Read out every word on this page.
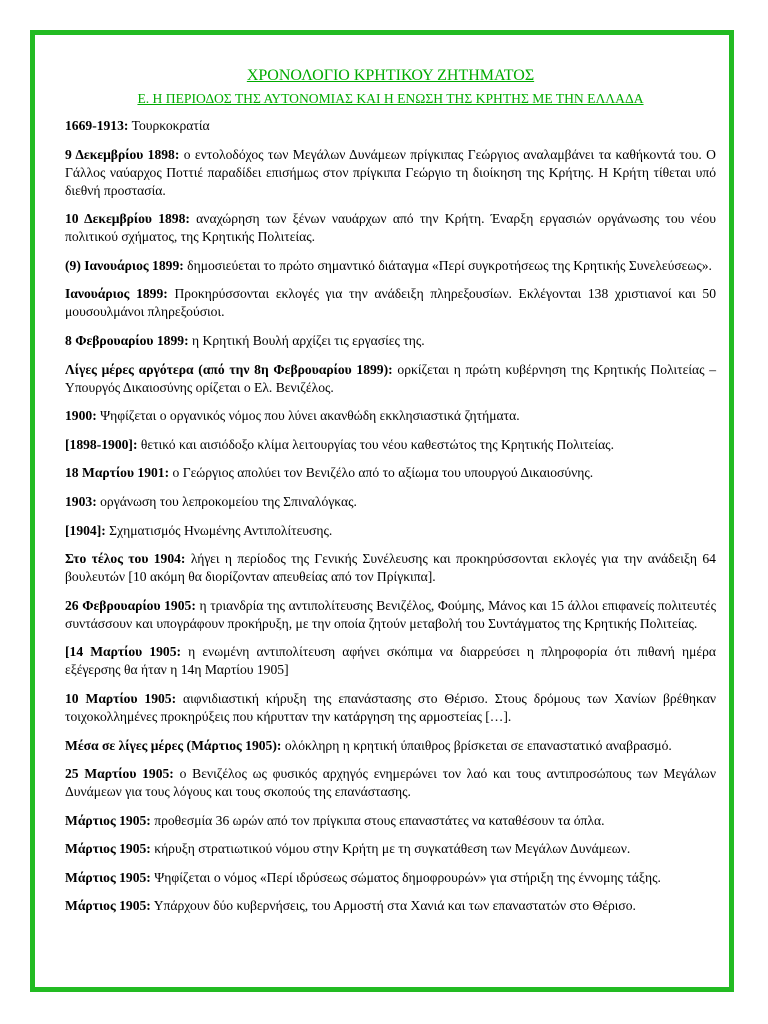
ΧΡΟΝΟΛΟΓΙΟ ΚΡΗΤΙΚΟΥ ΖΗΤΗΜΑΤΟΣ
Ε. Η ΠΕΡΙΟΔΟΣ ΤΗΣ ΑΥΤΟΝΟΜΙΑΣ ΚΑΙ Η ΕΝΩΣΗ ΤΗΣ ΚΡΗΤΗΣ ΜΕ ΤΗΝ ΕΛΛΑΔΑ
1669-1913: Τουρκοκρατία
9 Δεκεμβρίου 1898: ο εντολοδόχος των Μεγάλων Δυνάμεων πρίγκιπας Γεώργιος αναλαμβάνει τα καθήκοντά του. Ο Γάλλος ναύαρχος Ποττιέ παραδίδει επισήμως στον πρίγκιπα Γεώργιο τη διοίκηση της Κρήτης. Η Κρήτη τίθεται υπό διεθνή προστασία.
10 Δεκεμβρίου 1898: αναχώρηση των ξένων ναυάρχων από την Κρήτη. Έναρξη εργασιών οργάνωσης του νέου πολιτικού σχήματος, της Κρητικής Πολιτείας.
(9) Ιανουάριος 1899: δημοσιεύεται το πρώτο σημαντικό διάταγμα «Περί συγκροτήσεως της Κρητικής Συνελεύσεως».
Ιανουάριος 1899: Προκηρύσσονται εκλογές για την ανάδειξη πληρεξουσίων. Εκλέγονται 138 χριστιανοί και 50 μουσουλμάνοι πληρεξούσιοι.
8 Φεβρουαρίου 1899: η Κρητική Βουλή αρχίζει τις εργασίες της.
Λίγες μέρες αργότερα (από την 8η Φεβρουαρίου 1899): ορκίζεται η πρώτη κυβέρνηση της Κρητικής Πολιτείας – Υπουργός Δικαιοσύνης ορίζεται ο Ελ. Βενιζέλος.
1900: Ψηφίζεται ο οργανικός νόμος που λύνει ακανθώδη εκκλησιαστικά ζητήματα.
[1898-1900]: θετικό και αισιόδοξο κλίμα λειτουργίας του νέου καθεστώτος της Κρητικής Πολιτείας.
18 Μαρτίου 1901: ο Γεώργιος απολύει τον Βενιζέλο από το αξίωμα του υπουργού Δικαιοσύνης.
1903: οργάνωση του λεπροκομείου της Σπιναλόγκας.
[1904]: Σχηματισμός Ηνωμένης Αντιπολίτευσης.
Στο τέλος του 1904: λήγει η περίοδος της Γενικής Συνέλευσης και προκηρύσσονται εκλογές για την ανάδειξη 64 βουλευτών [10 ακόμη θα διορίζονταν απευθείας από τον Πρίγκιπα].
26 Φεβρουαρίου 1905: η τριανδρία της αντιπολίτευσης Βενιζέλος, Φούμης, Μάνος και 15 άλλοι επιφανείς πολιτευτές συντάσσουν και υπογράφουν προκήρυξη, με την οποία ζητούν μεταβολή του Συντάγματος της Κρητικής Πολιτείας.
[14 Μαρτίου 1905: η ενωμένη αντιπολίτευση αφήνει σκόπιμα να διαρρεύσει η πληροφορία ότι πιθανή ημέρα εξέγερσης θα ήταν η 14η Μαρτίου 1905]
10 Μαρτίου 1905: αιφνιδιαστική κήρυξη της επανάστασης στο Θέρισο. Στους δρόμους των Χανίων βρέθηκαν τοιχοκολλημένες προκηρύξεις που κήρυτταν την κατάργηση της αρμοστείας […].
Μέσα σε λίγες μέρες (Μάρτιος 1905): ολόκληρη η κρητική ύπαιθρος βρίσκεται σε επαναστατικό αναβρασμό.
25 Μαρτίου 1905: ο Βενιζέλος ως φυσικός αρχηγός ενημερώνει τον λαό και τους αντιπροσώπους των Μεγάλων Δυνάμεων για τους λόγους και τους σκοπούς της επανάστασης.
Μάρτιος 1905: προθεσμία 36 ωρών από τον πρίγκιπα στους επαναστάτες να καταθέσουν τα όπλα.
Μάρτιος 1905: κήρυξη στρατιωτικού νόμου στην Κρήτη με τη συγκατάθεση των Μεγάλων Δυνάμεων.
Μάρτιος 1905: Ψηφίζεται ο νόμος «Περί ιδρύσεως σώματος δημοφρουρών» για στήριξη της έννομης τάξης.
Μάρτιος 1905: Υπάρχουν δύο κυβερνήσεις, του Αρμοστή στα Χανιά και των επαναστατών στο Θέρισο.
